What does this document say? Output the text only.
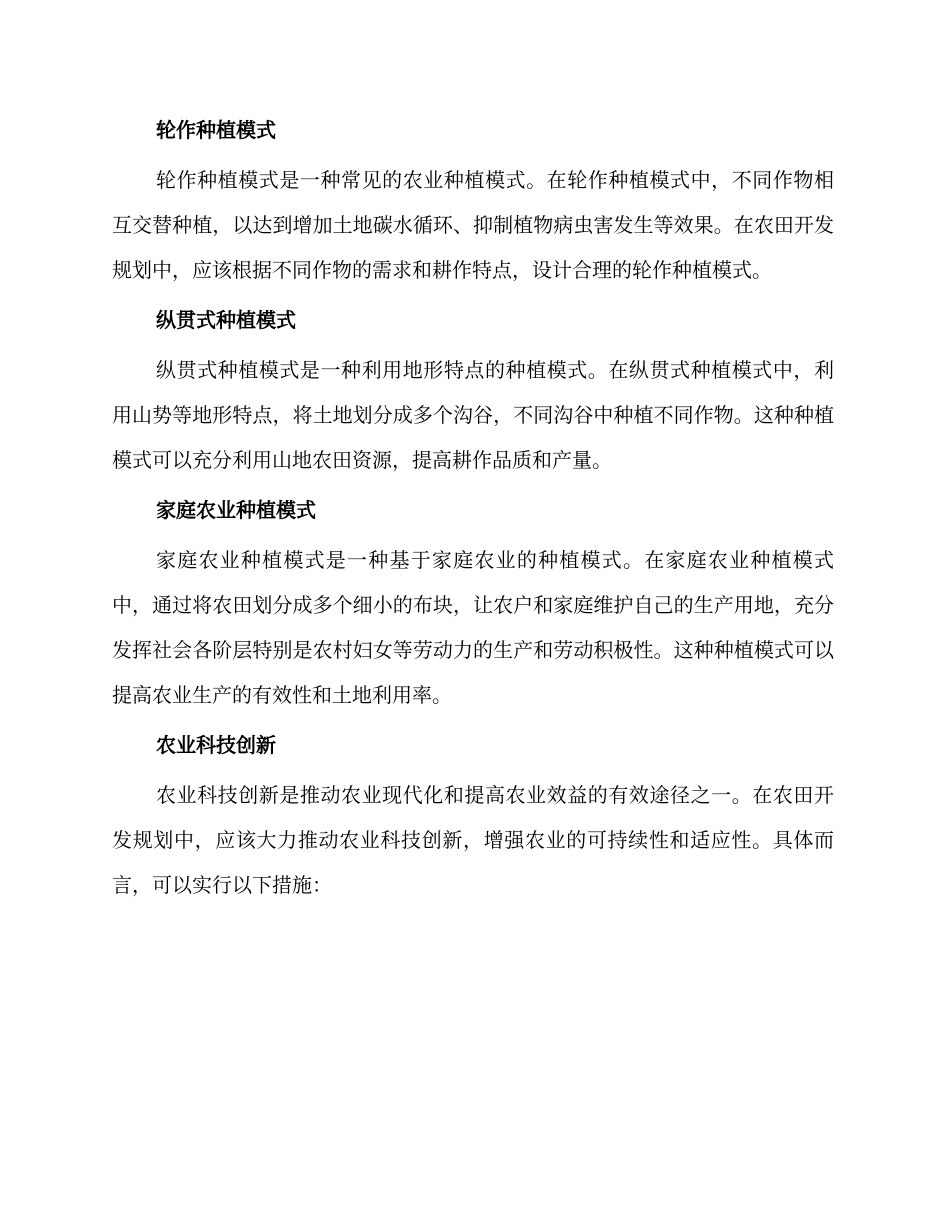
轮作种植模式
轮作种植模式是一种常见的农业种植模式。在轮作种植模式中，不同作物相互交替种植，以达到增加土地碳水循环、抑制植物病虫害发生等效果。在农田开发规划中，应该根据不同作物的需求和耕作特点，设计合理的轮作种植模式。
纵贯式种植模式
纵贯式种植模式是一种利用地形特点的种植模式。在纵贯式种植模式中，利用山势等地形特点，将土地划分成多个沟谷，不同沟谷中种植不同作物。这种种植模式可以充分利用山地农田资源，提高耕作品质和产量。
家庭农业种植模式
家庭农业种植模式是一种基于家庭农业的种植模式。在家庭农业种植模式中，通过将农田划分成多个细小的布块，让农户和家庭维护自己的生产用地，充分发挥社会各阶层特别是农村妇女等劳动力的生产和劳动积极性。这种种植模式可以提高农业生产的有效性和土地利用率。
农业科技创新
农业科技创新是推动农业现代化和提高农业效益的有效途径之一。在农田开发规划中，应该大力推动农业科技创新，增强农业的可持续性和适应性。具体而言，可以实行以下措施：
